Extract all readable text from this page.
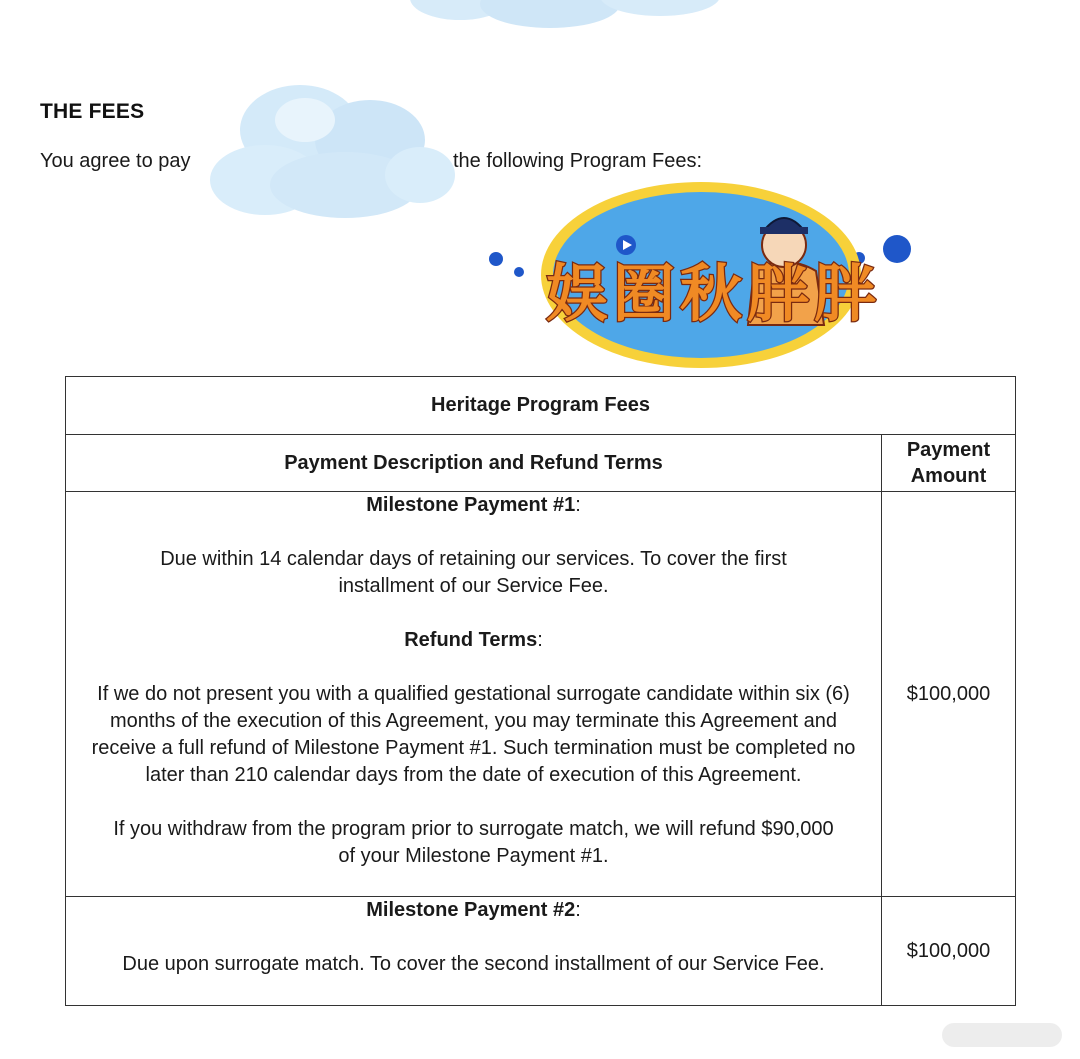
THE FEES
You agree to pay	the following Program Fees:
娱圈秋胖胖
Heritage Program Fees	
Payment Description and Refund Terms	Payment Amount

Milestone Payment #1:

Due within 14 calendar days of retaining our services. To cover the first installment of our Service Fee.

Refund Terms:

If we do not present you with a qualified gestational surrogate candidate within six (6) months of the execution of this Agreement, you may terminate this Agreement and receive a full refund of Milestone Payment #1. Such termination must be completed no later than 210 calendar days from the date of execution of this Agreement.

If you withdraw from the program prior to surrogate match, we will refund $90,000 of your Milestone Payment #1.	$100,000

Milestone Payment #2:

Due upon surrogate match. To cover the second installment of our Service Fee.	$100,000
